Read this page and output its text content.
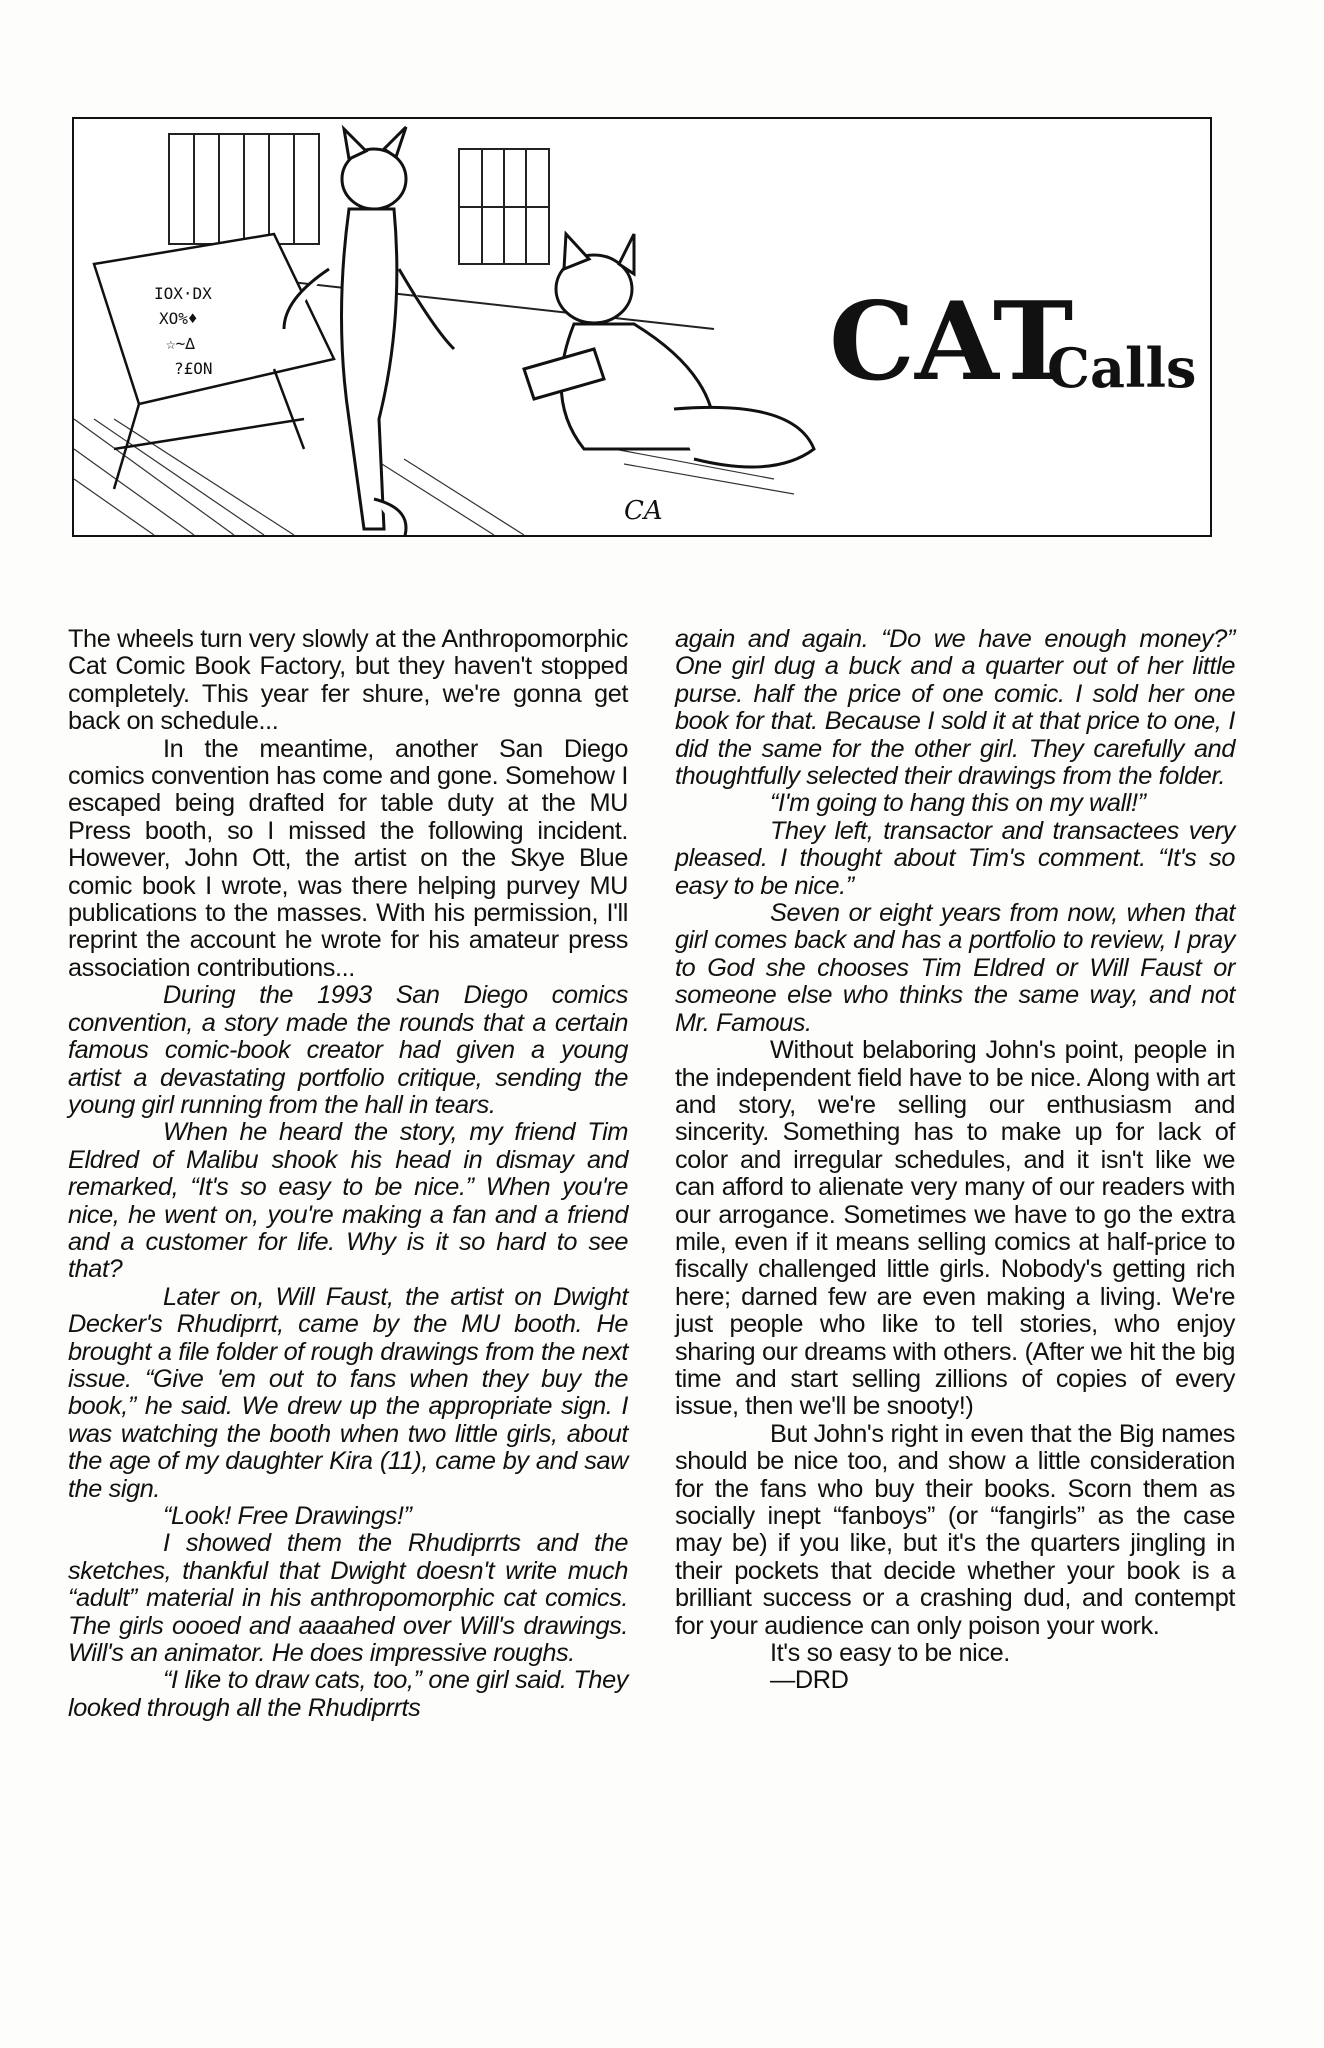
IOX·DX
XO%♦
☆~∆
?£ON	CAT
Calls
CA

The wheels turn very slowly at the Anthropomorphic Cat Comic Book Factory, but they haven't stopped completely. This year fer shure, we're gonna get back on schedule...

In the meantime, another San Diego comics convention has come and gone. Somehow I escaped being drafted for table duty at the MU Press booth, so I missed the following incident. However, John Ott, the artist on the Skye Blue comic book I wrote, was there helping purvey MU publications to the masses. With his permission, I'll reprint the account he wrote for his amateur press association contributions...

During the 1993 San Diego comics convention, a story made the rounds that a certain famous comic-book creator had given a young artist a devastating portfolio critique, sending the young girl running from the hall in tears.

When he heard the story, my friend Tim Eldred of Malibu shook his head in dismay and remarked, “It's so easy to be nice.” When you're nice, he went on, you're making a fan and a friend and a customer for life. Why is it so hard to see that?

Later on, Will Faust, the artist on Dwight Decker's Rhudiprrt, came by the MU booth. He brought a file folder of rough drawings from the next issue. “Give 'em out to fans when they buy the book,” he said. We drew up the appropriate sign. I was watching the booth when two little girls, about the age of my daughter Kira (11), came by and saw the sign.

“Look! Free Drawings!”

I showed them the Rhudiprrts and the sketches, thankful that Dwight doesn't write much “adult” material in his anthropomorphic cat comics. The girls oooed and aaaahed over Will's drawings. Will's an animator. He does impressive roughs.

“I like to draw cats, too,” one girl said. They looked through all the Rhudiprrts

again and again. “Do we have enough money?” One girl dug a buck and a quarter out of her little purse. half the price of one comic. I sold her one book for that. Because I sold it at that price to one, I did the same for the other girl. They carefully and thoughtfully selected their drawings from the folder.

“I'm going to hang this on my wall!”

They left, transactor and transactees very pleased. I thought about Tim's comment. “It's so easy to be nice.”

Seven or eight years from now, when that girl comes back and has a portfolio to review, I pray to God she chooses Tim Eldred or Will Faust or someone else who thinks the same way, and not Mr. Famous.

Without belaboring John's point, people in the independent field have to be nice. Along with art and story, we're selling our enthusiasm and sincerity. Something has to make up for lack of color and irregular schedules, and it isn't like we can afford to alienate very many of our readers with our arrogance. Sometimes we have to go the extra mile, even if it means selling comics at half-price to fiscally challenged little girls. Nobody's getting rich here; darned few are even making a living. We're just people who like to tell stories, who enjoy sharing our dreams with others. (After we hit the big time and start selling zillions of copies of every issue, then we'll be snooty!)

But John's right in even that the Big names should be nice too, and show a little consideration for the fans who buy their books. Scorn them as socially inept “fanboys” (or “fangirls” as the case may be) if you like, but it's the quarters jingling in their pockets that decide whether your book is a brilliant success or a crashing dud, and contempt for your audience can only poison your work.

It's so easy to be nice.

—DRD
